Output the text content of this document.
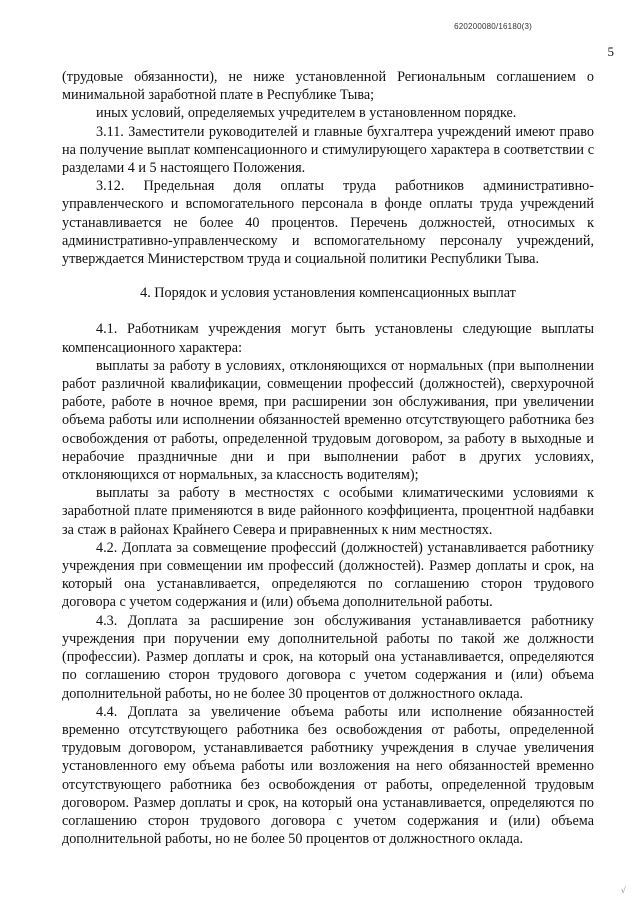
620200080/16180(3)
5

(трудовые обязанности), не ниже установленной Региональным соглашением о минимальной заработной плате в Республике Тыва;

иных условий, определяемых учредителем в установленном порядке.

3.11. Заместители руководителей и главные бухгалтера учреждений имеют право на получение выплат компенсационного и стимулирующего характера в соответствии с разделами 4 и 5 настоящего Положения.

3.12. Предельная доля оплаты труда работников административно-управленческого и вспомогательного персонала в фонде оплаты труда учреждений устанавливается не более 40 процентов. Перечень должностей, относимых к административно-управленческому и вспомогательному персоналу учреждений, утверждается Министерством труда и социальной политики Республики Тыва.

4. Порядок и условия установления компенсационных выплат

4.1. Работникам учреждения могут быть установлены следующие выплаты компенсационного характера:

выплаты за работу в условиях, отклоняющихся от нормальных (при выполнении работ различной квалификации, совмещении профессий (должностей), сверхурочной работе, работе в ночное время, при расширении зон обслуживания, при увеличении объема работы или исполнении обязанностей временно отсутствующего работника без освобождения от работы, определенной трудовым договором, за работу в выходные и нерабочие праздничные дни и при выполнении работ в других условиях, отклоняющихся от нормальных, за классность водителям);

выплаты за работу в местностях с особыми климатическими условиями к заработной плате применяются в виде районного коэффициента, процентной надбавки за стаж в районах Крайнего Севера и приравненных к ним местностях.

4.2. Доплата за совмещение профессий (должностей) устанавливается работнику учреждения при совмещении им профессий (должностей). Размер доплаты и срок, на который она устанавливается, определяются по соглашению сторон трудового договора с учетом содержания и (или) объема дополнительной работы.

4.3. Доплата за расширение зон обслуживания устанавливается работнику учреждения при поручении ему дополнительной работы по такой же должности (профессии). Размер доплаты и срок, на который она устанавливается, определяются по соглашению сторон трудового договора с учетом содержания и (или) объема дополнительной работы, но не более 30 процентов от должностного оклада.

4.4. Доплата за увеличение объема работы или исполнение обязанностей временно отсутствующего работника без освобождения от работы, определенной трудовым договором, устанавливается работнику учреждения в случае увеличения установленного ему объема работы или возложения на него обязанностей временно отсутствующего работника без освобождения от работы, определенной трудовым договором. Размер доплаты и срок, на который она устанавливается, определяются по соглашению сторон трудового договора с учетом содержания и (или) объема дополнительной работы, но не более 50 процентов от должностного оклада.

√
